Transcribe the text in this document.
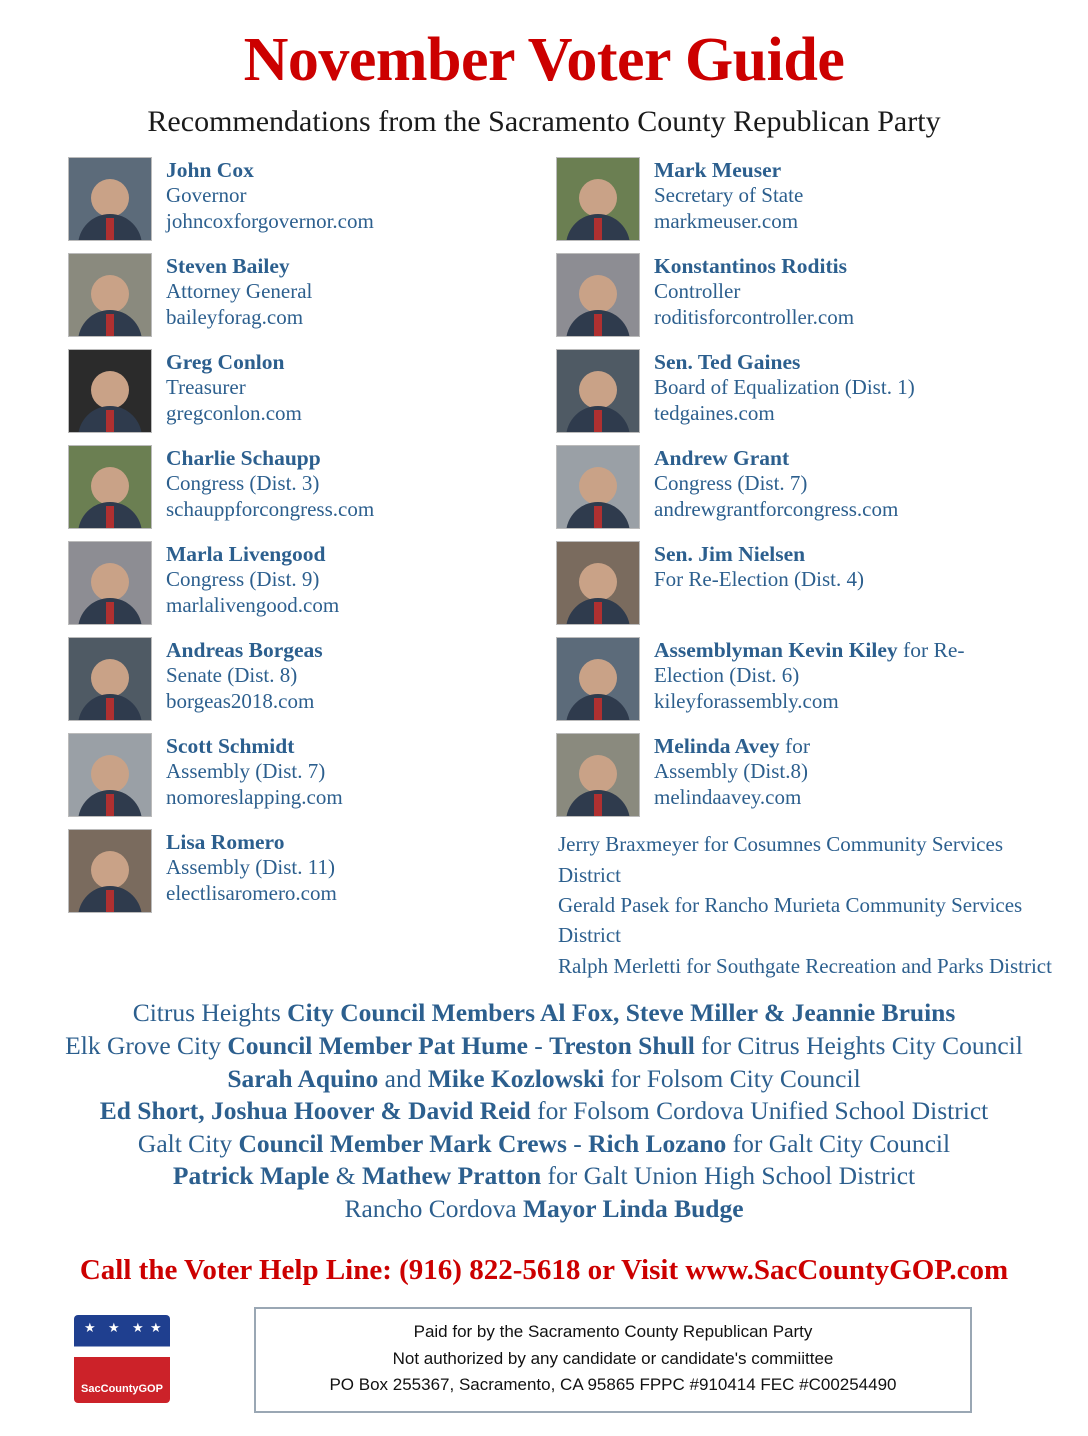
November Voter Guide
Recommendations from the Sacramento County Republican Party
John Cox
Governor
johncoxforgovernor.com
Steven Bailey
Attorney General
baileyforag.com
Greg Conlon
Treasurer
gregconlon.com
Charlie Schaupp
Congress (Dist. 3)
schauppforcongress.com
Marla Livengood
Congress (Dist. 9)
marlalivengood.com
Andreas Borgeas
Senate (Dist. 8)
borgeas2018.com
Scott Schmidt
Assembly (Dist. 7)
nomoreslapping.com
Lisa Romero
Assembly (Dist. 11)
electlisaromero.com
Mark Meuser
Secretary of State
markmeuser.com
Konstantinos Roditis
Controller
roditisforcontroller.com
Sen. Ted Gaines
Board of Equalization (Dist. 1)
tedgaines.com
Andrew Grant
Congress (Dist. 7)
andrewgrantforcongress.com
Sen. Jim Nielsen
For Re-Election (Dist. 4)
Assemblyman Kevin Kiley for Re-
Election (Dist. 6)
kileyforassembly.com
Melinda Avey for
Assembly (Dist.8)
melindaavey.com
Jerry Braxmeyer for Cosumnes Community Services District
Gerald Pasek for Rancho Murieta Community Services District
Ralph Merletti for Southgate Recreation and Parks District
Citrus Heights City Council Members Al Fox, Steve Miller & Jeannie Bruins
Elk Grove City Council Member Pat Hume - Treston Shull for Citrus Heights City Council
Sarah Aquino and Mike Kozlowski for Folsom City Council
Ed Short, Joshua Hoover & David Reid for Folsom Cordova Unified School District
Galt City Council Member Mark Crews - Rich Lozano for Galt City Council
Patrick Maple & Mathew Pratton for Galt Union High School District
Rancho Cordova Mayor Linda Budge
Call the Voter Help Line: (916) 822-5618 or Visit www.SacCountyGOP.com
★ ★ ★ ★
SacCountyGOP
Paid for by the Sacramento County Republican Party
Not authorized by any candidate or candidate's commiittee
PO Box 255367, Sacramento, CA 95865 FPPC #910414 FEC #C00254490
